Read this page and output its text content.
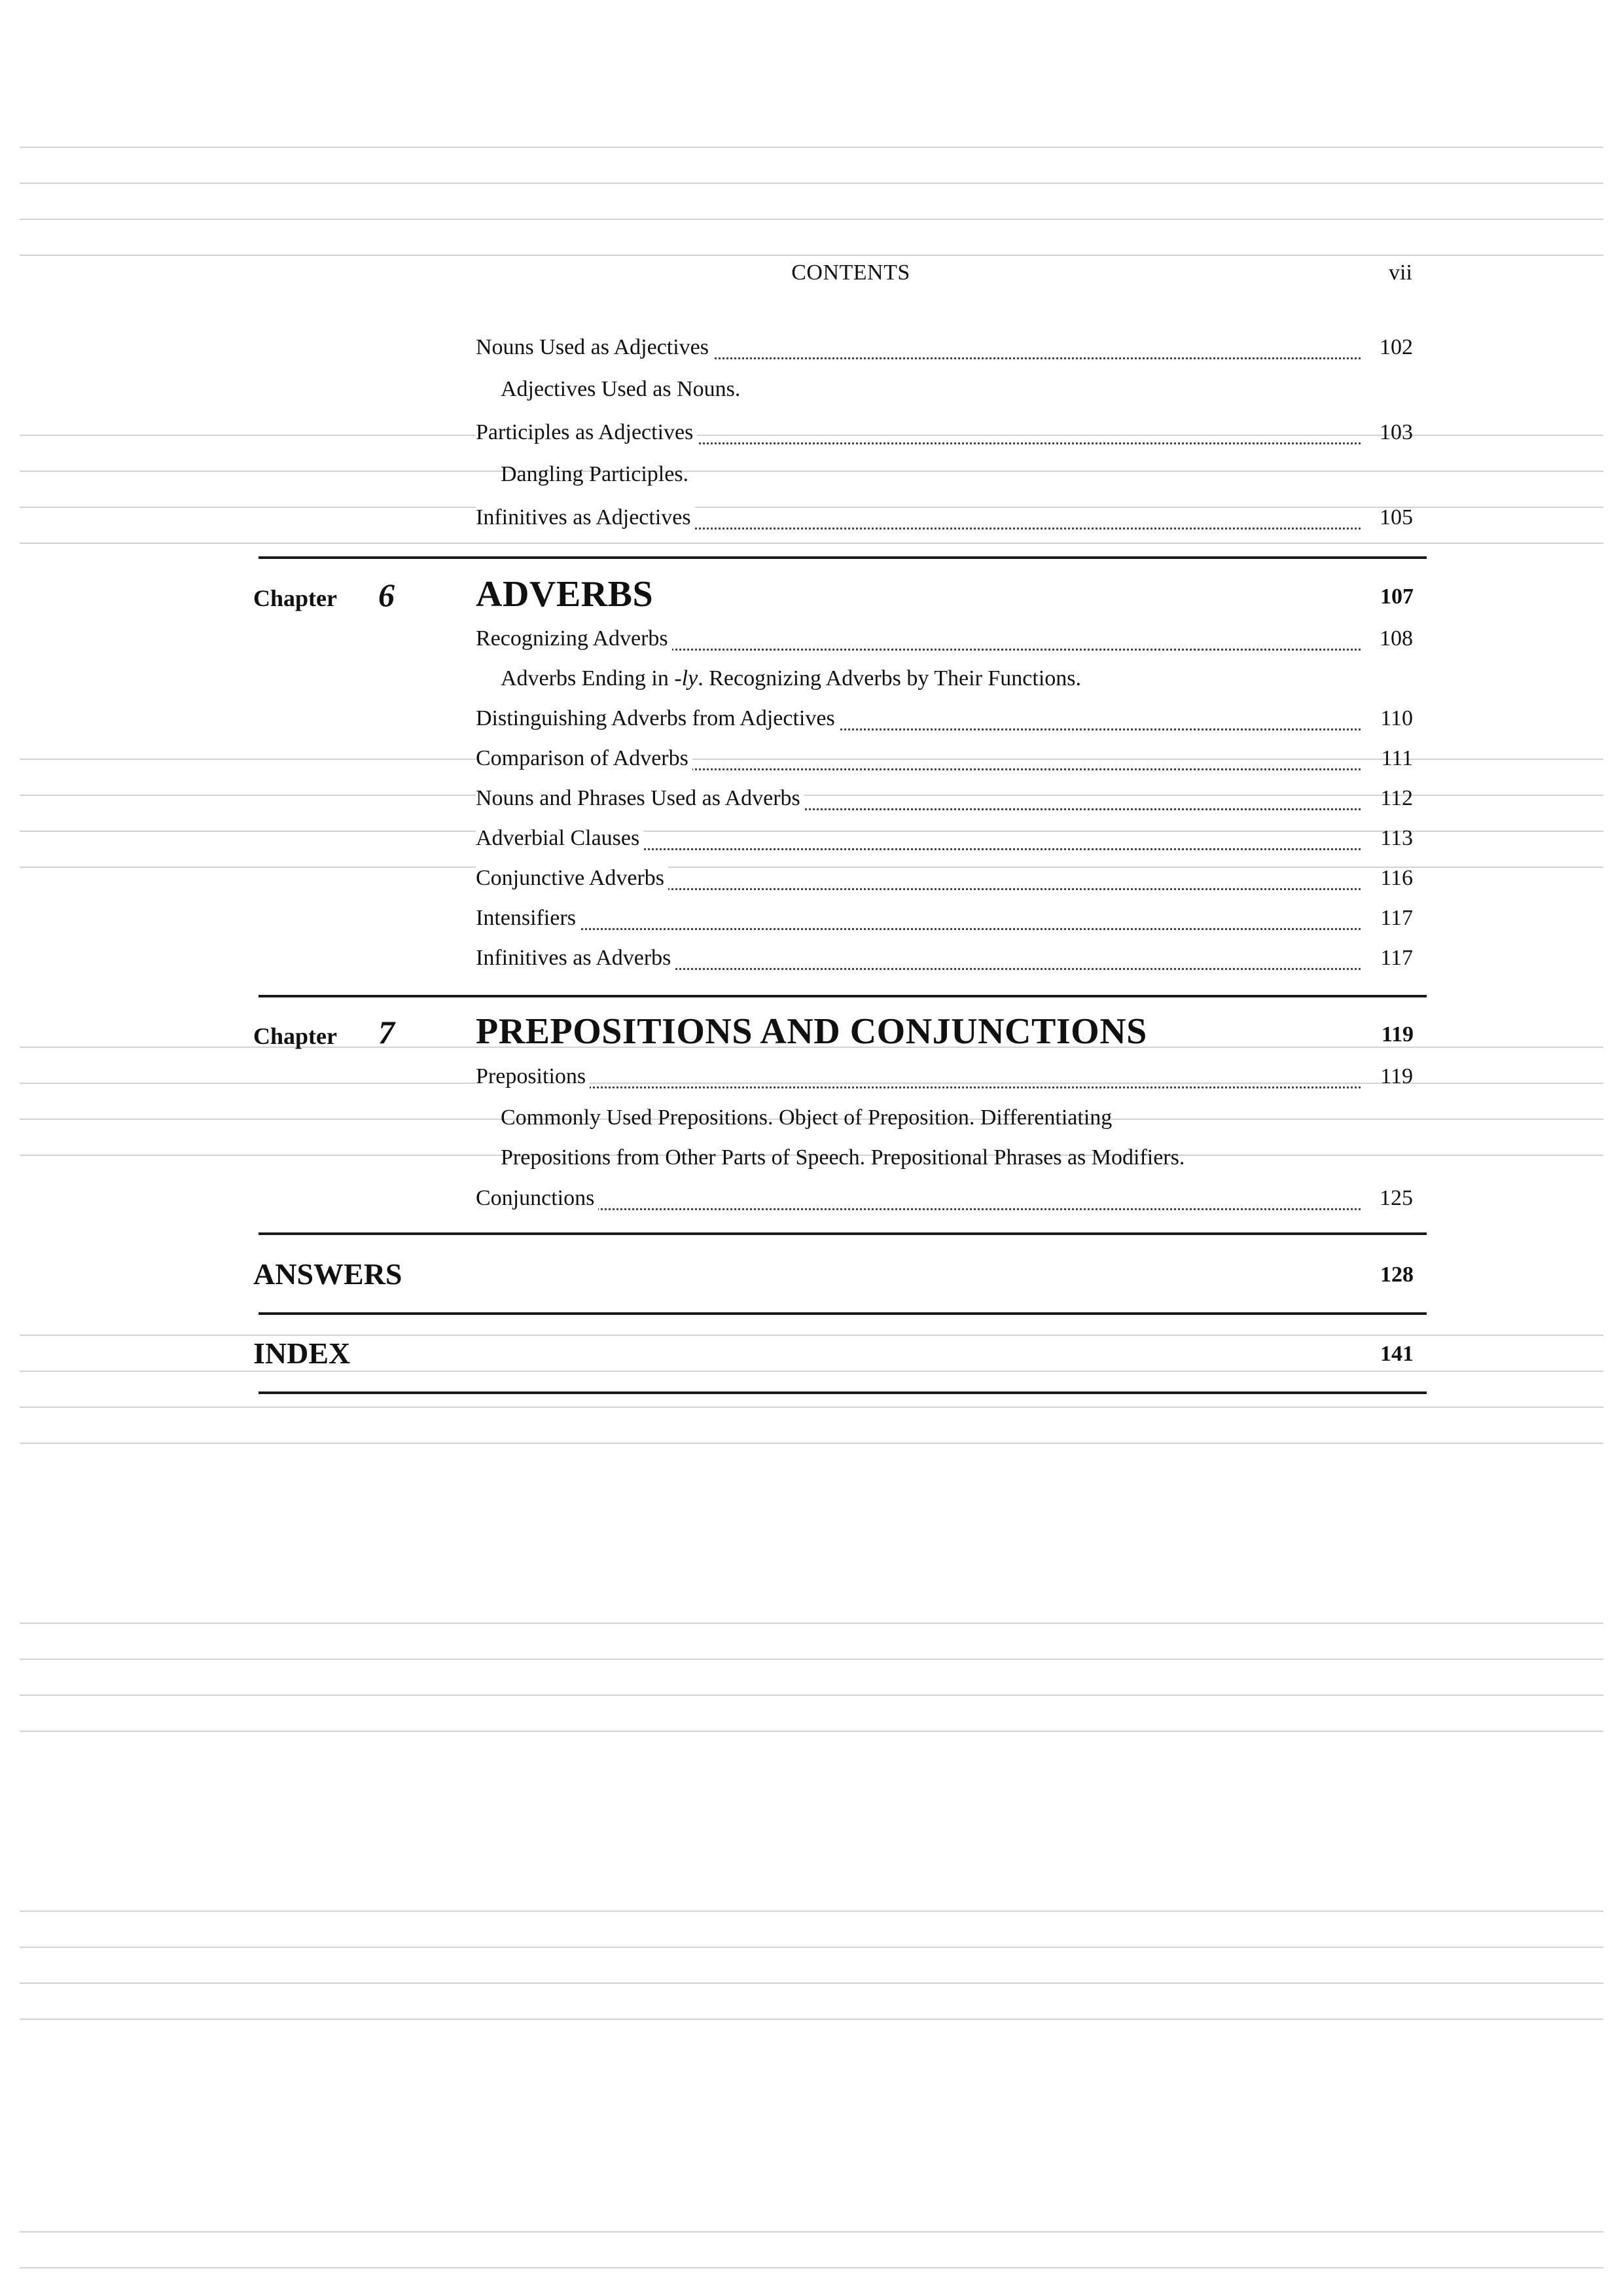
CONTENTS	vii
Nouns Used as Adjectives	102
Adjectives Used as Nouns.
Participles as Adjectives	103
Dangling Participles.
Infinitives as Adjectives	105
Chapter 6 ADVERBS	107
Recognizing Adverbs	108
Adverbs Ending in -ly. Recognizing Adverbs by Their Functions.
Distinguishing Adverbs from Adjectives	110
Comparison of Adverbs	111
Nouns and Phrases Used as Adverbs	112
Adverbial Clauses	113
Conjunctive Adverbs	116
Intensifiers	117
Infinitives as Adverbs	117
Chapter 7 PREPOSITIONS AND CONJUNCTIONS	119
Prepositions	119
Commonly Used Prepositions. Object of Preposition. Differentiating
Prepositions from Other Parts of Speech. Prepositional Phrases as Modifiers.
Conjunctions	125
ANSWERS	128
INDEX	141
